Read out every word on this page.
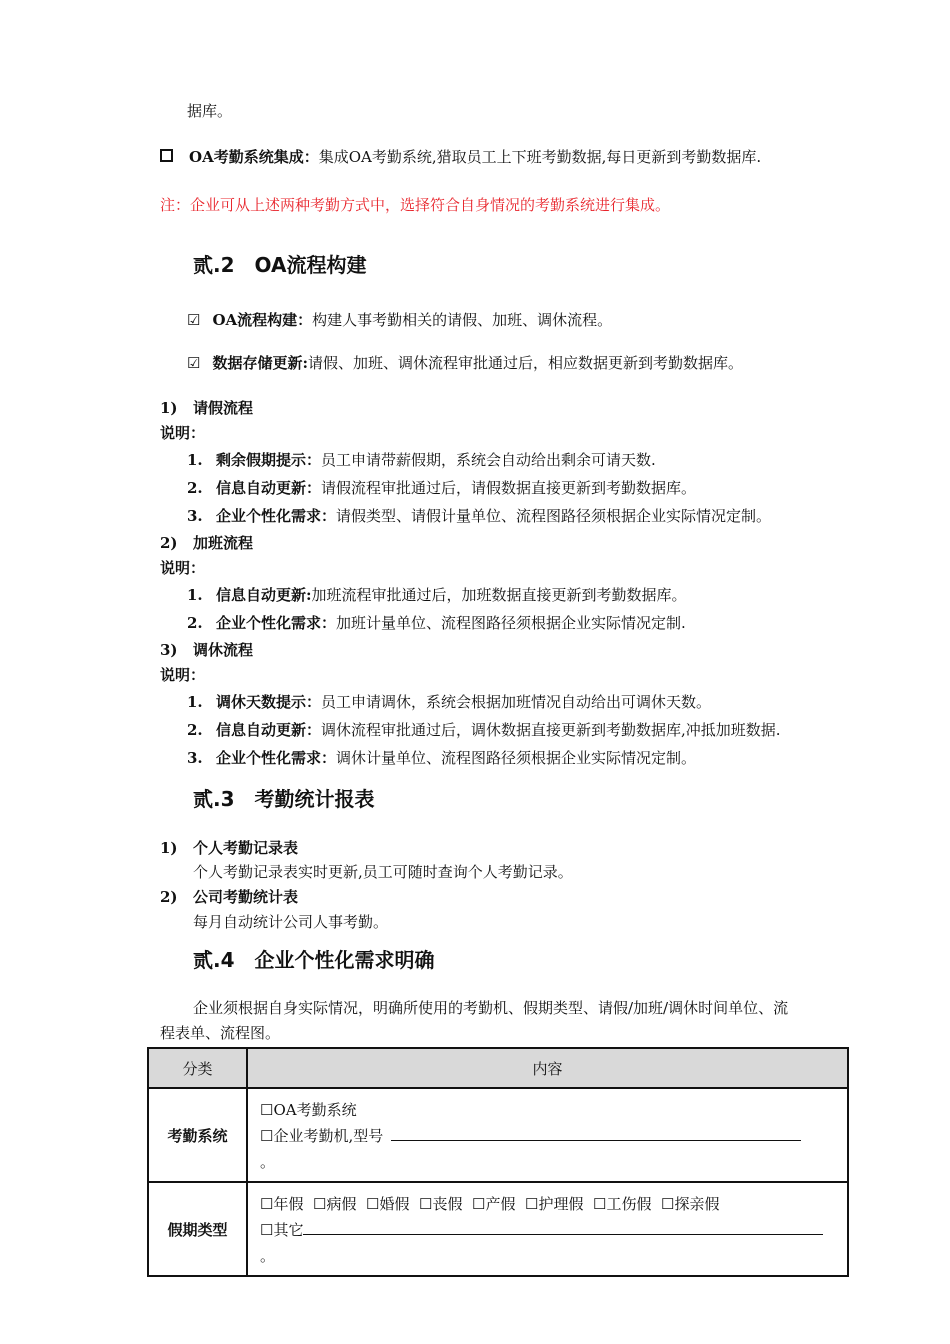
据库。
OA考勤系统集成：集成OA考勤系统,猎取员工上下班考勤数据,每日更新到考勤数据库.
注：企业可从上述两种考勤方式中，选择符合自身情况的考勤系统进行集成。
贰.2　OA流程构建
☑ OA流程构建：构建人事考勤相关的请假、加班、调休流程。
☑ 数据存储更新:请假、加班、调休流程审批通过后，相应数据更新到考勤数据库。
1) 请假流程
说明：
1. 剩余假期提示：员工申请带薪假期，系统会自动给出剩余可请天数.
2. 信息自动更新：请假流程审批通过后，请假数据直接更新到考勤数据库。
3. 企业个性化需求：请假类型、请假计量单位、流程图路径须根据企业实际情况定制。
2) 加班流程
说明：
1. 信息自动更新:加班流程审批通过后，加班数据直接更新到考勤数据库。
2. 企业个性化需求：加班计量单位、流程图路径须根据企业实际情况定制.
3) 调休流程
说明：
1. 调休天数提示：员工申请调休，系统会根据加班情况自动给出可调休天数。
2. 信息自动更新：调休流程审批通过后，调休数据直接更新到考勤数据库,冲抵加班数据.
3. 企业个性化需求：调休计量单位、流程图路径须根据企业实际情况定制。
贰.3　考勤统计报表
1) 个人考勤记录表
个人考勤记录表实时更新,员工可随时查询个人考勤记录。
2) 公司考勤统计表
每月自动统计公司人事考勤。
贰.4　企业个性化需求明确
企业须根据自身实际情况，明确所使用的考勤机、假期类型、请假/加班/调休时间单位、流
程表单、流程图。
分类	内容
考勤系统	☐OA考勤系统
☐企业考勤机,型号
。

假期类型	☐年假 ☐病假 ☐婚假 ☐丧假 ☐产假 ☐护理假 ☐工伤假 ☐探亲假
☐其它
。
